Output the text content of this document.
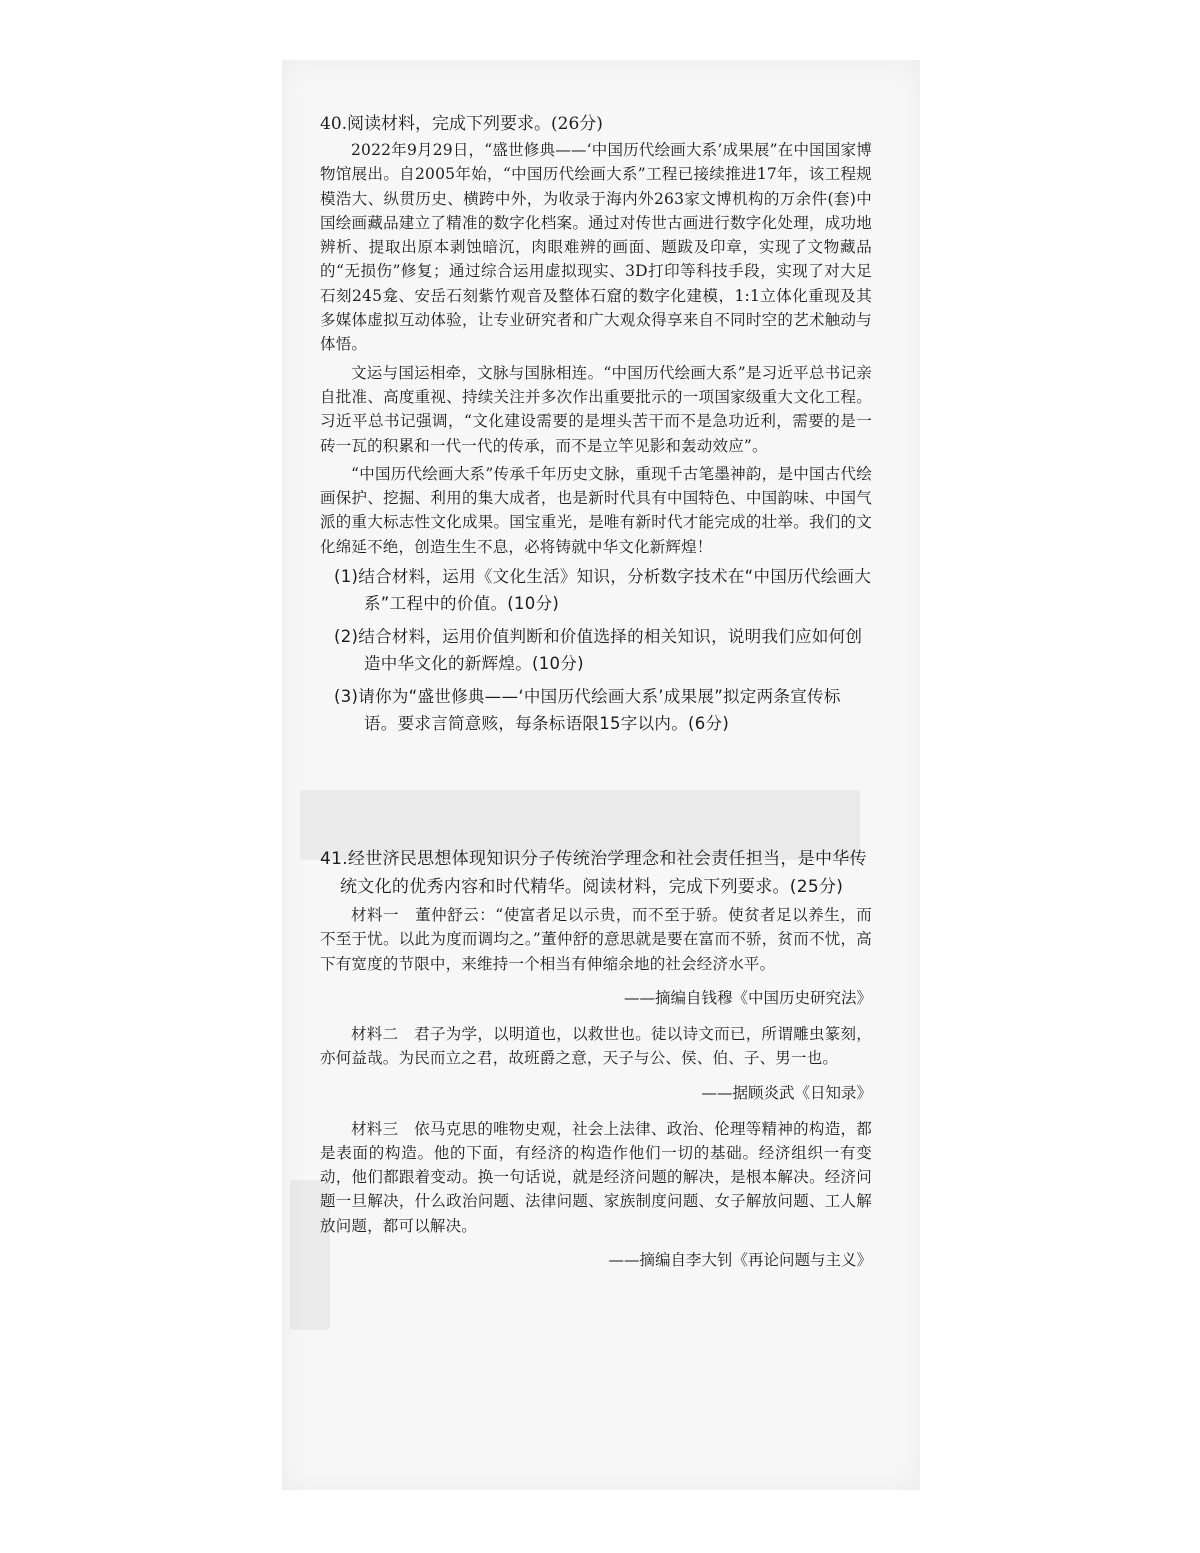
40.阅读材料，完成下列要求。(26分)

2022年9月29日，“盛世修典——‘中国历代绘画大系’成果展”在中国国家博物馆展出。自2005年始，“中国历代绘画大系”工程已接续推进17年，该工程规模浩大、纵贯历史、横跨中外，为收录于海内外263家文博机构的万余件(套)中国绘画藏品建立了精准的数字化档案。通过对传世古画进行数字化处理，成功地辨析、提取出原本剥蚀暗沉，肉眼难辨的画面、题跋及印章，实现了文物藏品的“无损伤”修复；通过综合运用虚拟现实、3D打印等科技手段，实现了对大足石刻245龛、安岳石刻紫竹观音及整体石窟的数字化建模，1:1立体化重现及其多媒体虚拟互动体验，让专业研究者和广大观众得享来自不同时空的艺术触动与体悟。

文运与国运相牵，文脉与国脉相连。“中国历代绘画大系”是习近平总书记亲自批准、高度重视、持续关注并多次作出重要批示的一项国家级重大文化工程。习近平总书记强调，“文化建设需要的是埋头苦干而不是急功近利，需要的是一砖一瓦的积累和一代一代的传承，而不是立竿见影和轰动效应”。

“中国历代绘画大系”传承千年历史文脉，重现千古笔墨神韵，是中国古代绘画保护、挖掘、利用的集大成者，也是新时代具有中国特色、中国韵味、中国气派的重大标志性文化成果。国宝重光，是唯有新时代才能完成的壮举。我们的文化绵延不绝，创造生生不息，必将铸就中华文化新辉煌！

(1)结合材料，运用《文化生活》知识，分析数字技术在“中国历代绘画大系”工程中的价值。(10分)

(2)结合材料，运用价值判断和价值选择的相关知识，说明我们应如何创造中华文化的新辉煌。(10分)

(3)请你为“盛世修典——‘中国历代绘画大系’成果展”拟定两条宣传标语。要求言简意赅，每条标语限15字以内。(6分)

41.经世济民思想体现知识分子传统治学理念和社会责任担当，是中华传统文化的优秀内容和时代精华。阅读材料，完成下列要求。(25分)

材料一　董仲舒云：“使富者足以示贵，而不至于骄。使贫者足以养生，而不至于忧。以此为度而调均之。”董仲舒的意思就是要在富而不骄，贫而不忧，高下有宽度的节限中，来维持一个相当有伸缩余地的社会经济水平。

——摘编自钱穆《中国历史研究法》

材料二　君子为学，以明道也，以救世也。徒以诗文而已，所谓雕虫篆刻，亦何益哉。为民而立之君，故班爵之意，天子与公、侯、伯、子、男一也。

——据顾炎武《日知录》

材料三　依马克思的唯物史观，社会上法律、政治、伦理等精神的构造，都是表面的构造。他的下面，有经济的构造作他们一切的基础。经济组织一有变动，他们都跟着变动。换一句话说，就是经济问题的解决，是根本解决。经济问题一旦解决，什么政治问题、法律问题、家族制度问题、女子解放问题、工人解放问题，都可以解决。

——摘编自李大钊《再论问题与主义》
